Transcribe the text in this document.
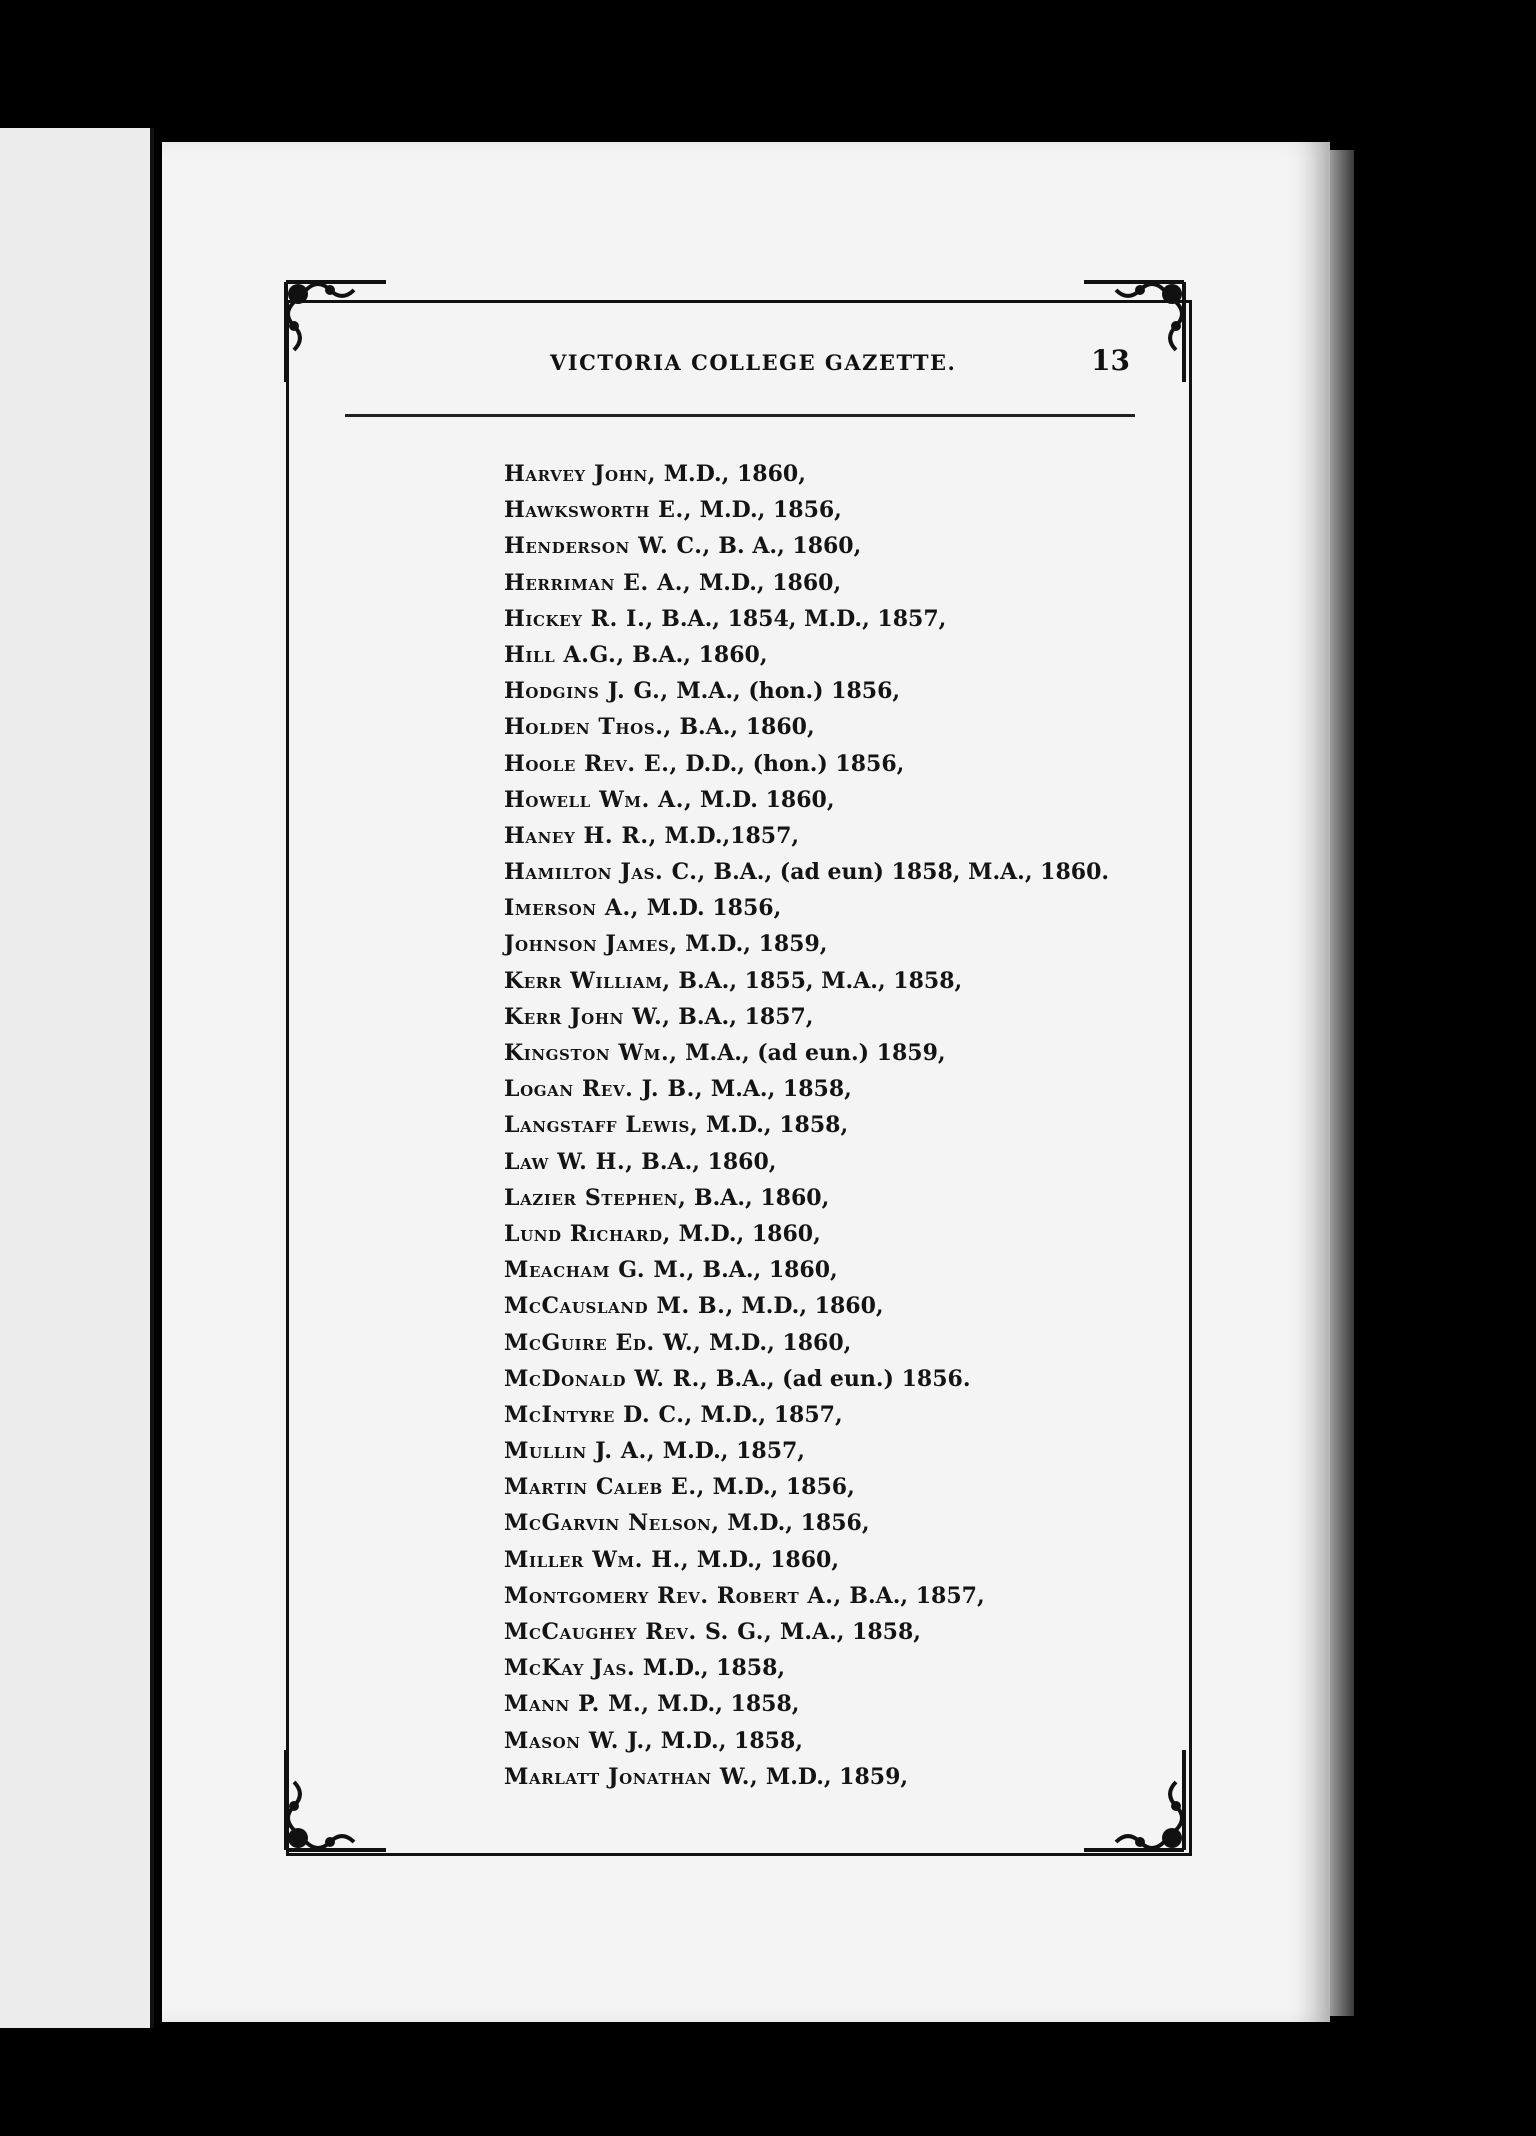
VICTORIA COLLEGE GAZETTE.	13
Harvey John, M.D., 1860,
Hawksworth E., M.D., 1856,
Henderson W. C., B. A., 1860,
Herriman E. A., M.D., 1860,
Hickey R. I., B.A., 1854, M.D., 1857,
Hill A.G., B.A., 1860,
Hodgins J. G., M.A., (hon.) 1856,
Holden Thos., B.A., 1860,
Hoole Rev. E., D.D., (hon.) 1856,
Howell Wm. A., M.D. 1860,
Haney H. R., M.D.,1857,
Hamilton Jas. C., B.A., (ad eun) 1858, M.A., 1860.
Imerson A., M.D. 1856,
Johnson James, M.D., 1859,
Kerr William, B.A., 1855, M.A., 1858,
Kerr John W., B.A., 1857,
Kingston Wm., M.A., (ad eun.) 1859,
Logan Rev. J. B., M.A., 1858,
Langstaff Lewis, M.D., 1858,
Law W. H., B.A., 1860,
Lazier Stephen, B.A., 1860,
Lund Richard, M.D., 1860,
Meacham G. M., B.A., 1860,
McCausland M. B., M.D., 1860,
McGuire Ed. W., M.D., 1860,
McDonald W. R., B.A., (ad eun.) 1856.
McIntyre D. C., M.D., 1857,
Mullin J. A., M.D., 1857,
Martin Caleb E., M.D., 1856,
McGarvin Nelson, M.D., 1856,
Miller Wm. H., M.D., 1860,
Montgomery Rev. Robert A., B.A., 1857,
McCaughey Rev. S. G., M.A., 1858,
McKay Jas. M.D., 1858,
Mann P. M., M.D., 1858,
Mason W. J., M.D., 1858,
Marlatt Jonathan W., M.D., 1859,
